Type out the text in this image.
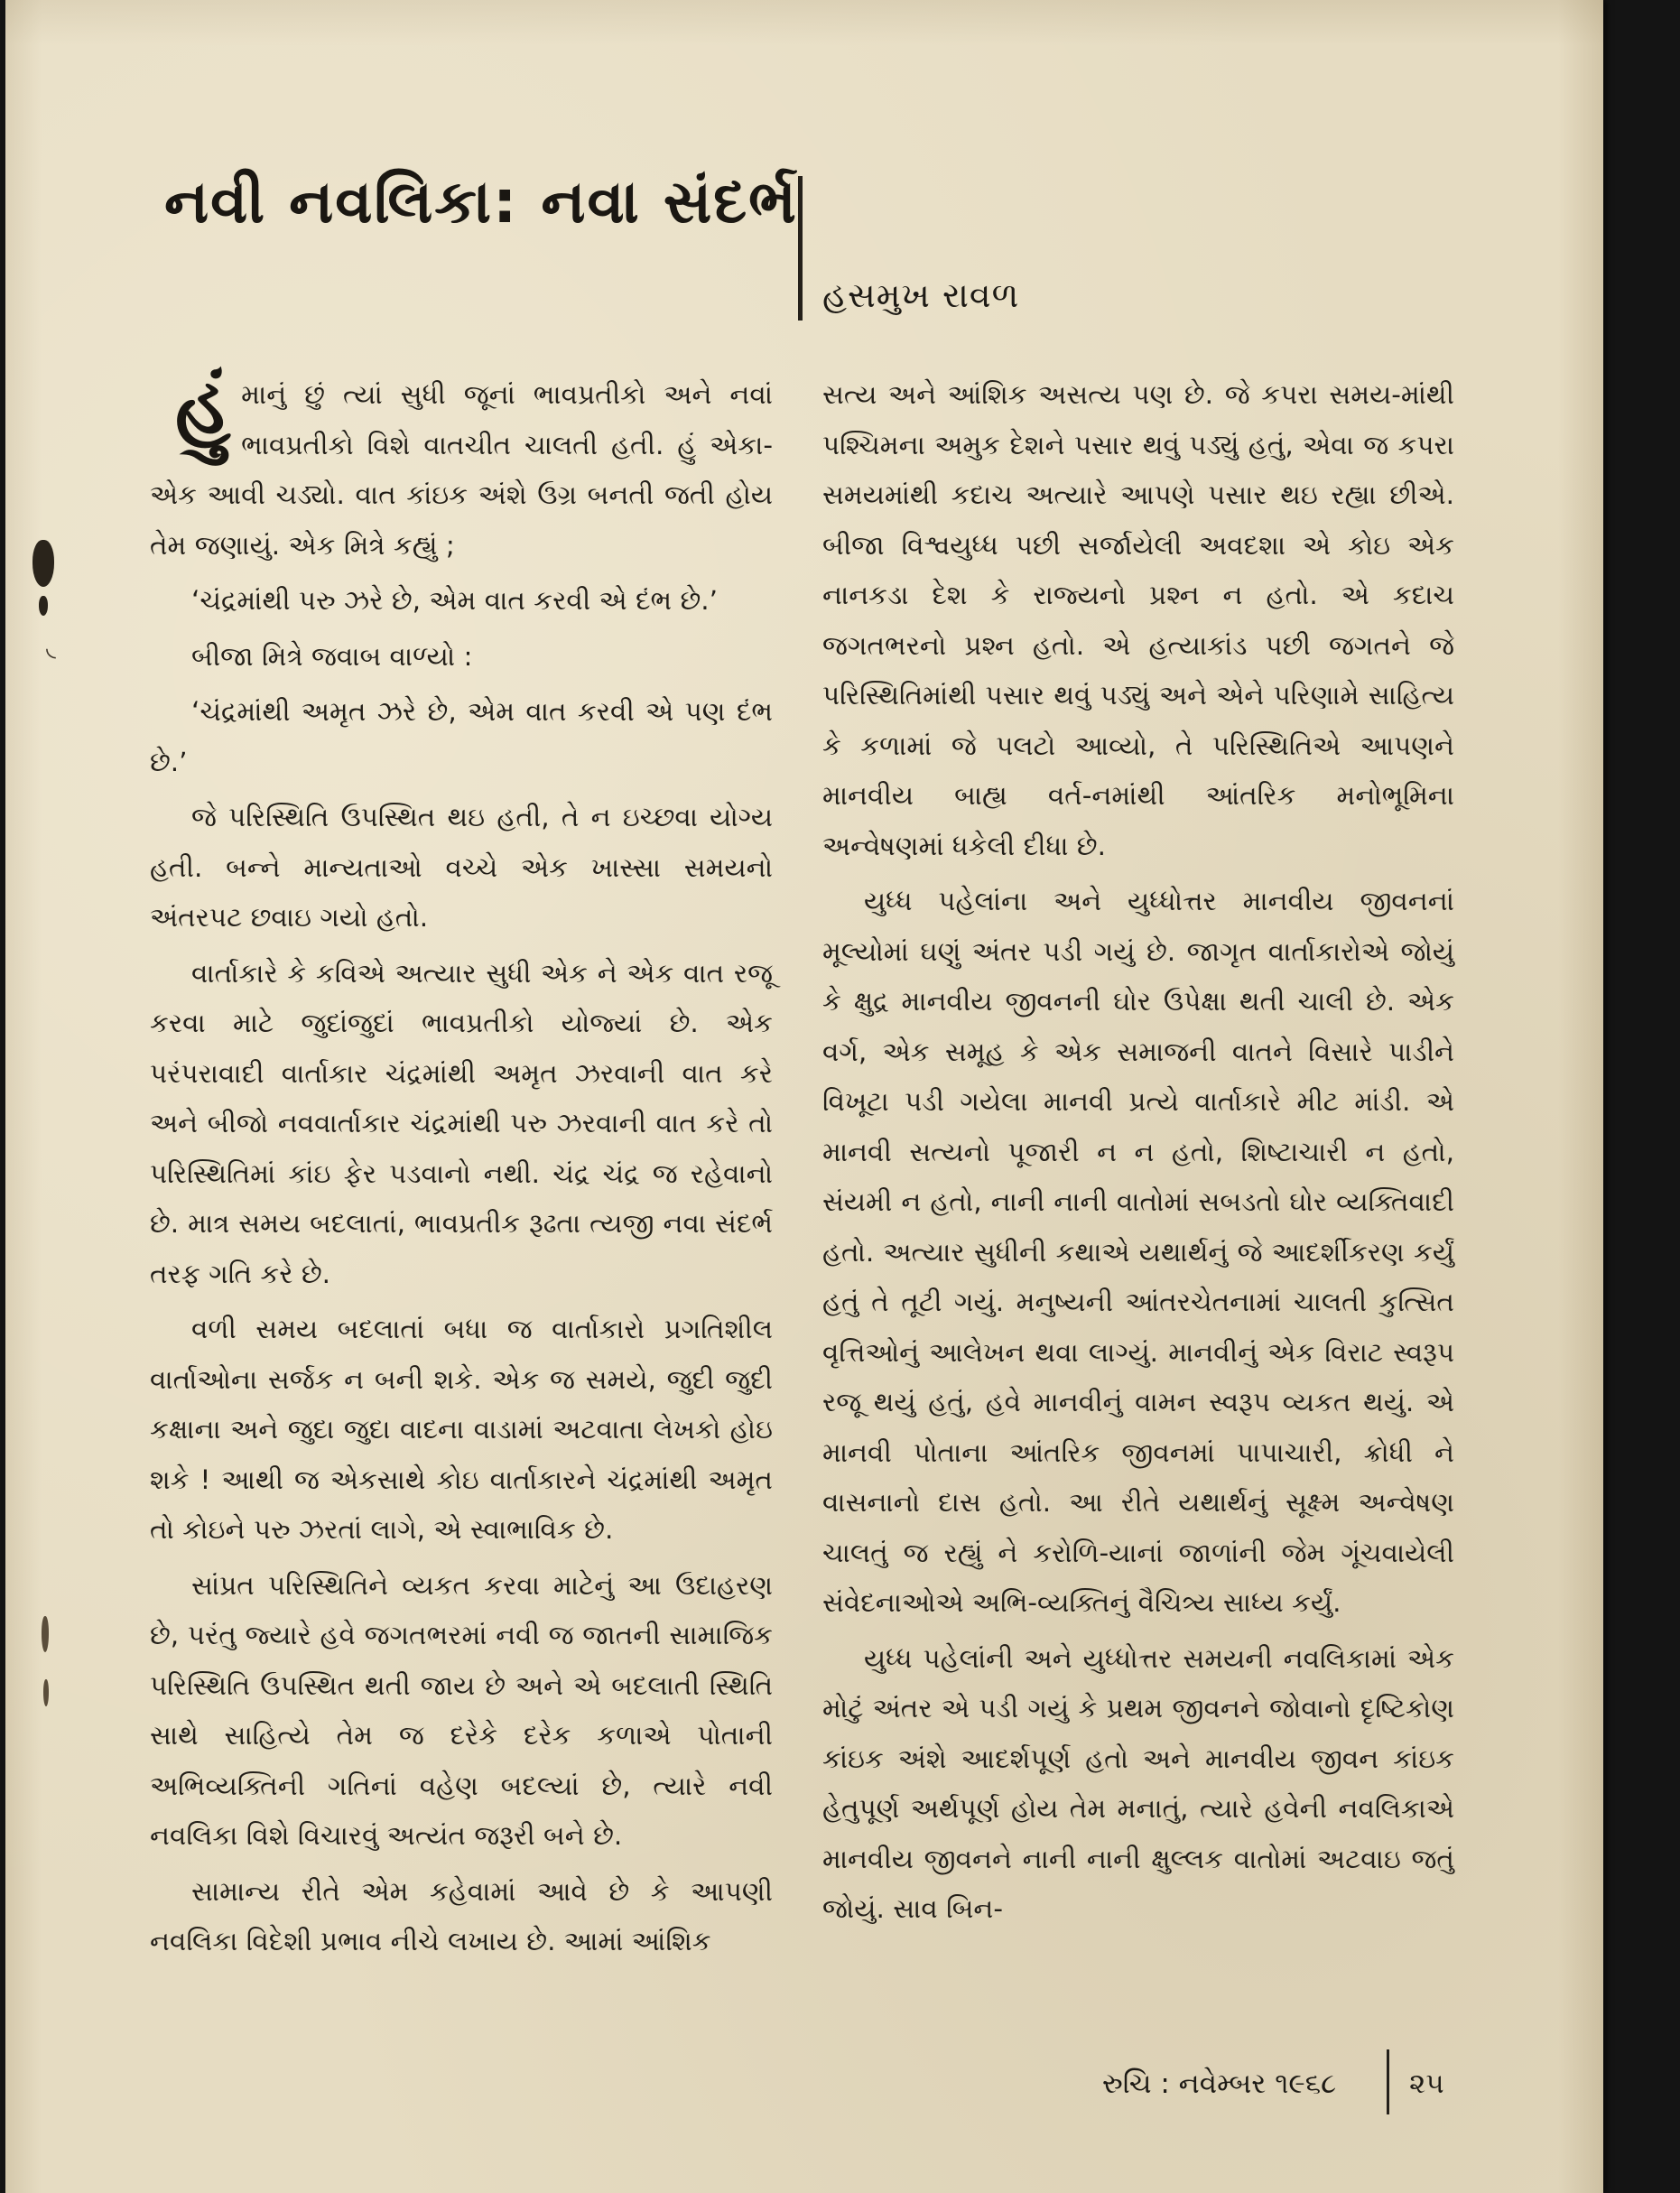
નવી નવલિકા: નવા સંદર્ભ
હસમુખ રાવળ

હુંમાનું છું ત્યાં સુધી જૂનાં ભાવપ્રતીકો અને નવાં ભાવપ્રતીકો વિશે વાતચીત ચાલતી હતી. હું એકા-એક આવી ચડ્યો. વાત કાંઇક અંશે ઉગ્ર બનતી જતી હોય તેમ જણાયું. એક મિત્રે કહ્યું ;

‘ચંદ્રમાંથી પરુ ઝરે છે, એમ વાત કરવી એ દંભ છે.’

બીજા મિત્રે જવાબ વાળ્યો :

‘ચંદ્રમાંથી અમૃત ઝરે છે, એમ વાત કરવી એ પણ દંભ છે.’

જે પરિસ્થિતિ ઉપસ્થિત થઇ હતી, તે ન ઇચ્છવા યોગ્ય હતી. બન્ને માન્યતાઓ વચ્ચે એક ખાસ્સા સમયનો અંતરપટ છવાઇ ગયો હતો.

વાર્તાકારે કે કવિએ અત્યાર સુધી એક ને એક વાત રજૂ કરવા માટે જુદાંજુદાં ભાવપ્રતીકો યોજ્યાં છે. એક પરંપરાવાદી વાર્તાકાર ચંદ્રમાંથી અમૃત ઝરવાની વાત કરે અને બીજો નવવાર્તાકાર ચંદ્રમાંથી પરુ ઝરવાની વાત કરે તો પરિસ્થિતિમાં કાંઇ ફેર પડવાનો નથી. ચંદ્ર ચંદ્ર જ રહેવાનો છે. માત્ર સમય બદલાતાં, ભાવપ્રતીક રૂઢતા ત્યજી નવા સંદર્ભ તરફ ગતિ કરે છે.

વળી સમય બદલાતાં બધા જ વાર્તાકારો પ્રગતિશીલ વાર્તાઓના સર્જક ન બની શકે. એક જ સમયે, જુદી જુદી કક્ષાના અને જુદા જુદા વાદના વાડામાં અટવાતા લેખકો હોઇ શકે ! આથી જ એકસાથે કોઇ વાર્તાકારને ચંદ્રમાંથી અમૃત તો કોઇને પરુ ઝરતાં લાગે, એ સ્વાભાવિક છે.

સાંપ્રત પરિસ્થિતિને વ્યકત કરવા માટેનું આ ઉદાહરણ છે, પરંતુ જ્યારે હવે જગતભરમાં નવી જ જાતની સામાજિક પરિસ્થિતિ ઉપસ્થિત થતી જાય છે અને એ બદલાતી સ્થિતિ સાથે સાહિત્યે તેમ જ દરેકે દરેક કળાએ પોતાની અભિવ્યક્તિની ગતિનાં વહેણ બદલ્યાં છે, ત્યારે નવી નવલિકા વિશે વિચારવું અત્યંત જરૂરી બને છે.

સામાન્ય રીતે એમ કહેવામાં આવે છે કે આપણી નવલિકા વિદેશી પ્રભાવ નીચે લખાય છે. આમાં આંશિક

સત્ય અને આંશિક અસત્ય પણ છે. જે કપરા સમય-માંથી પશ્ચિમના અમુક દેશને પસાર થવું પડ્યું હતું, એવા જ કપરા સમયમાંથી કદાચ અત્યારે આપણે પસાર થઇ રહ્યા છીએ. બીજા વિશ્વયુધ્ધ પછી સર્જાયેલી અવદશા એ કોઇ એક નાનકડા દેશ કે રાજ્યનો પ્રશ્ન ન હતો. એ કદાચ જગતભરનો પ્રશ્ન હતો. એ હત્યાકાંડ પછી જગતને જે પરિસ્થિતિમાંથી પસાર થવું પડ્યું અને એને પરિણામે સાહિત્ય કે કળામાં જે પલટો આવ્યો, તે પરિસ્થિતિએ આપણને માનવીય બાહ્ય વર્ત-નમાંથી આંતરિક મનોભૂમિના અન્વેષણમાં ધકેલી દીધા છે.

યુધ્ધ પહેલાંના અને યુધ્ધોત્તર માનવીય જીવનનાં મૂલ્યોમાં ઘણું અંતર પડી ગયું છે. જાગૃત વાર્તાકારોએ જોયું કે ક્ષુદ્ર માનવીય જીવનની ઘોર ઉપેક્ષા થતી ચાલી છે. એક વર્ગ, એક સમૂહ કે એક સમાજની વાતને વિસારે પાડીને વિખૂટા પડી ગયેલા માનવી પ્રત્યે વાર્તાકારે મીટ માંડી. એ માનવી સત્યનો પૂજારી ન ન હતો, શિષ્ટાચારી ન હતો, સંયમી ન હતો, નાની નાની વાતોમાં સબડતો ઘોર વ્યક્તિવાદી હતો. અત્યાર સુધીની કથાએ યથાર્થનું જે આદર્શીકરણ કર્યું હતું તે તૂટી ગયું. મનુષ્યની આંતરચેતનામાં ચાલતી કુત્સિત વૃત્તિઓનું આલેખન થવા લાગ્યું. માનવીનું એક વિરાટ સ્વરૂપ રજૂ થયું હતું, હવે માનવીનું વામન સ્વરૂપ વ્યકત થયું. એ માનવી પોતાના આંતરિક જીવનમાં પાપાચારી, ક્રોધી ને વાસનાનો દાસ હતો. આ રીતે યથાર્થનું સૂક્ષ્મ અન્વેષણ ચાલતું જ રહ્યું ને કરોળિ-યાનાં જાળાંની જેમ ગૂંચવાયેલી સંવેદનાઓએ અભિ-વ્યક્તિનું વૈચિત્ર્ય સાધ્ય કર્યું.

યુધ્ધ પહેલાંની અને યુધ્ધોત્તર સમયની નવલિકામાં એક મોટું અંતર એ પડી ગયું કે પ્રથમ જીવનને જોવાનો દૃષ્ટિકોણ કાંઇક અંશે આદર્શપૂર્ણ હતો અને માનવીય જીવન કાંઇક હેતુપૂર્ણ અર્થપૂર્ણ હોય તેમ મનાતું, ત્યારે હવેની નવલિકાએ માનવીય જીવનને નાની નાની ક્ષુલ્લક વાતોમાં અટવાઇ જતું જોયું. સાવ બિન-

રુચિ : નવેમ્બર ૧૯૬૮	૨૫
◟
